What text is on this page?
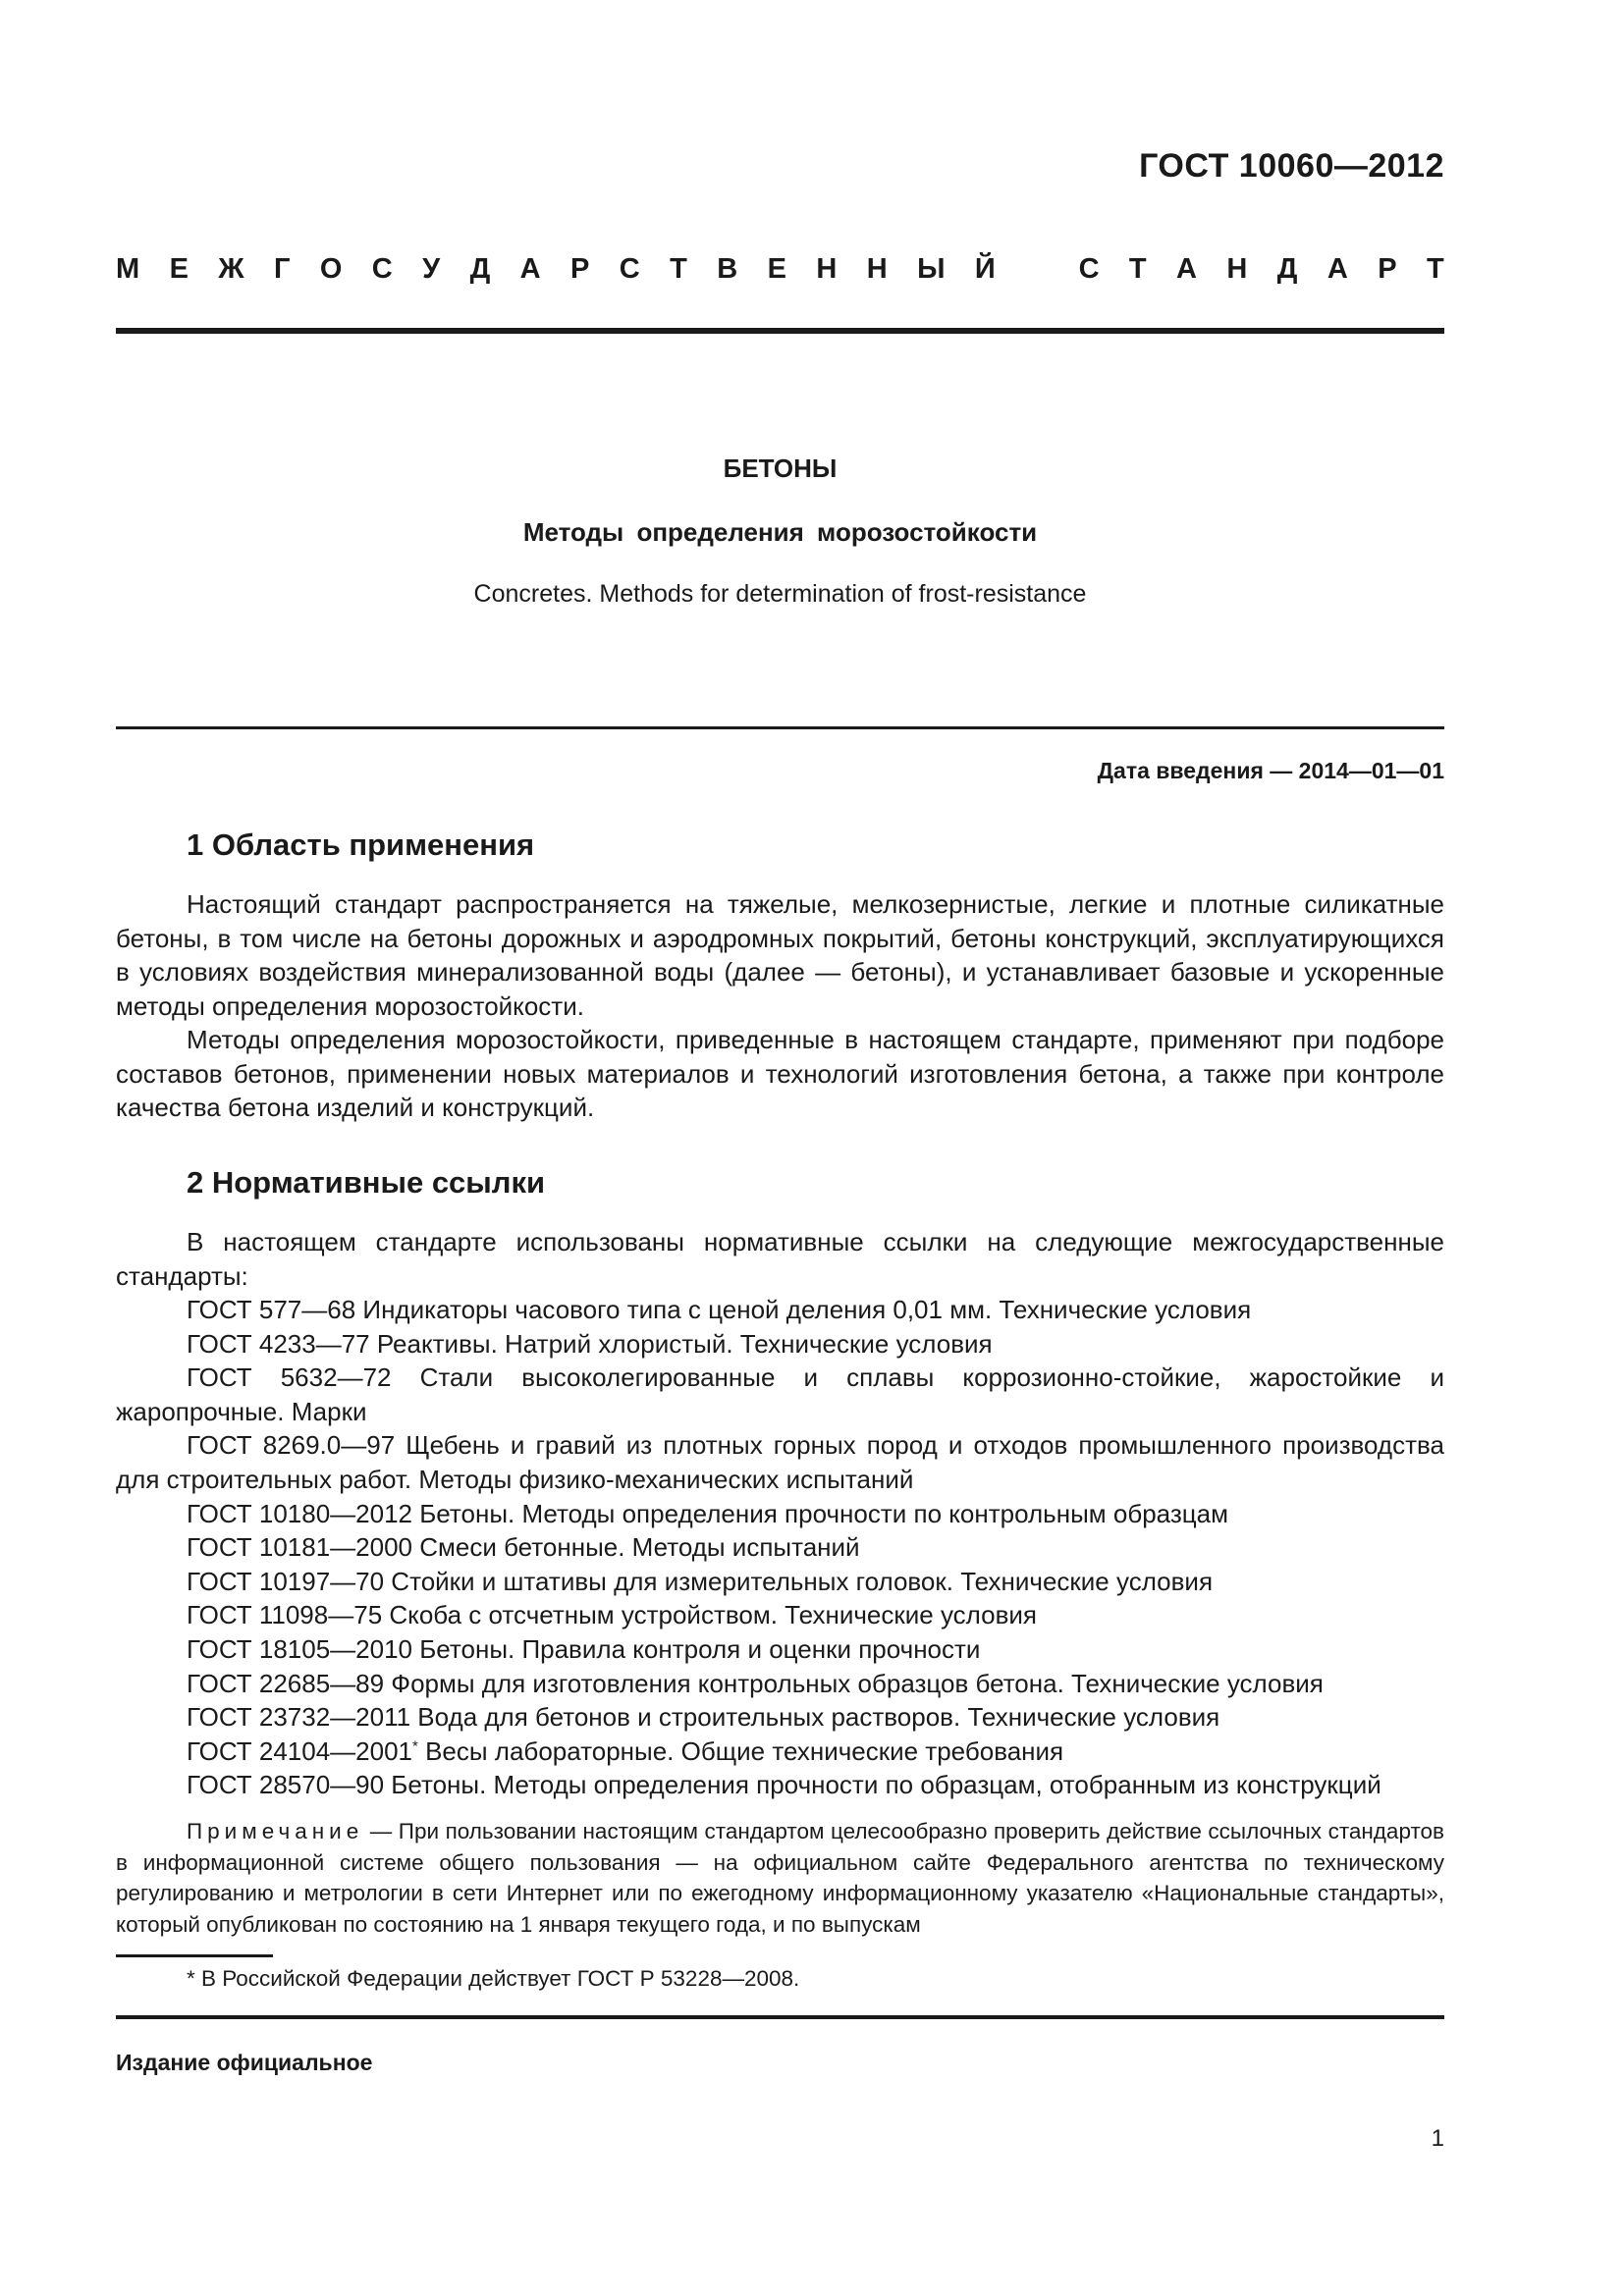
ГОСТ 10060—2012
М Е Ж Г О С У Д А Р С Т В Е Н Н Ы Й	С Т А Н Д А Р Т
БЕТОНЫ
Методы определения морозостойкости
Concretes. Methods for determination of frost-resistance
Дата введения — 2014—01—01
1 Область применения

Настоящий стандарт распространяется на тяжелые, мелкозернистые, легкие и плотные силикатные бетоны, в том числе на бетоны дорожных и аэродромных покрытий, бетоны конструкций, эксплуатирующихся в условиях воздействия минерализованной воды (далее — бетоны), и устанавливает базовые и ускоренные методы определения морозостойкости.

Методы определения морозостойкости, приведенные в настоящем стандарте, применяют при подборе составов бетонов, применении новых материалов и технологий изготовления бетона, а также при контроле качества бетона изделий и конструкций.

2 Нормативные ссылки

В настоящем стандарте использованы нормативные ссылки на следующие межгосударственные стандарты:

ГОСТ 577—68 Индикаторы часового типа с ценой деления 0,01 мм. Технические условия
ГОСТ 4233—77 Реактивы. Натрий хлористый. Технические условия
ГОСТ 5632—72 Стали высоколегированные и сплавы коррозионно-стойкие, жаростойкие и жаропрочные. Марки
ГОСТ 8269.0—97 Щебень и гравий из плотных горных пород и отходов промышленного производства для строительных работ. Методы физико-механических испытаний
ГОСТ 10180—2012 Бетоны. Методы определения прочности по контрольным образцам
ГОСТ 10181—2000 Смеси бетонные. Методы испытаний
ГОСТ 10197—70 Стойки и штативы для измерительных головок. Технические условия
ГОСТ 11098—75 Скоба с отсчетным устройством. Технические условия
ГОСТ 18105—2010 Бетоны. Правила контроля и оценки прочности
ГОСТ 22685—89 Формы для изготовления контрольных образцов бетона. Технические условия
ГОСТ 23732—2011 Вода для бетонов и строительных растворов. Технические условия
ГОСТ 24104—2001* Весы лабораторные. Общие технические требования
ГОСТ 28570—90 Бетоны. Методы определения прочности по образцам, отобранным из конструкций

Примечание — При пользовании настоящим стандартом целесообразно проверить действие ссылочных стандартов в информационной системе общего пользования — на официальном сайте Федерального агентства по техническому регулированию и метрологии в сети Интернет или по ежегодному информационному указателю «Национальные стандарты», который опубликован по состоянию на 1 января текущего года, и по выпускам

* В Российской Федерации действует ГОСТ Р 53228—2008.
Издание официальное
1
